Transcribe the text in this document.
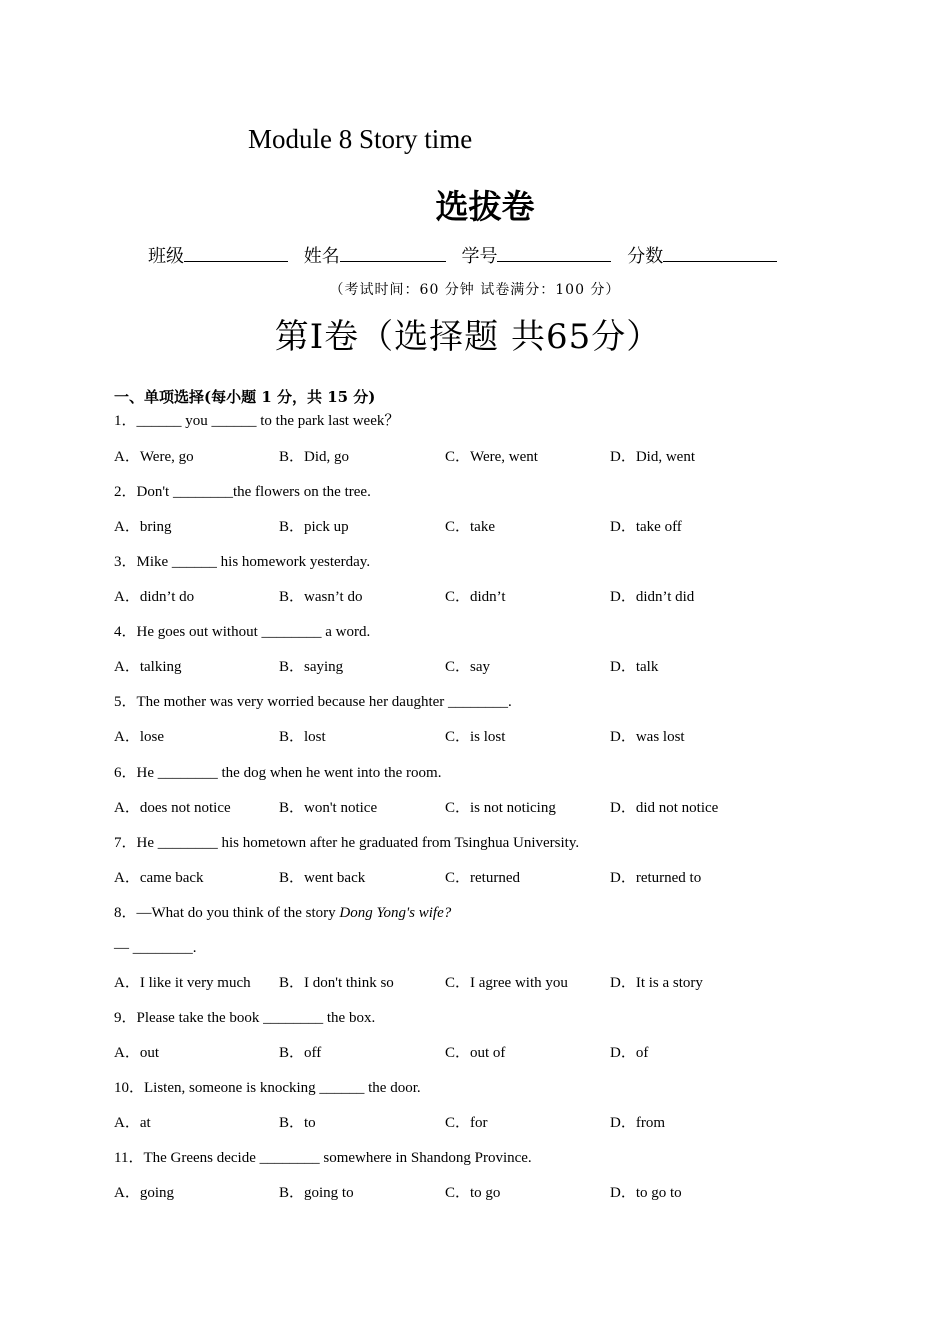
Module 8 Story time
选拔卷
班级	姓名	学号	分数
（考试时间：60 分钟 试卷满分：100 分）
第Ⅰ卷（选择题 共65分）
一、单项选择(每小题 1 分，共 15 分)
1．______ you ______ to the park last week？
A．Were, go	B．Did, go	C．Were, went	D．Did, went
2．Don't ________the flowers on the tree.
A．bring	B．pick up	C．take	D．take off
3．Mike ______ his homework yesterday.
A．didn’t do	B．wasn’t do	C．didn’t	D．didn’t did
4．He goes out without ________ a word.
A．talking	B．saying	C．say	D．talk
5．The mother was very worried because her daughter ________.
A．lose	B．lost	C．is lost	D．was lost
6．He ________ the dog when he went into the room.
A．does not notice	B．won't notice	C．is not noticing	D．did not notice
7．He ________ his hometown after he graduated from Tsinghua University.
A．came back	B．went back	C．returned	D．returned to
8．—What do you think of the story Dong Yong's wife?
— ________.
A．I like it very much B．I don't think so	C．I agree with you	D．It is a story
9．Please take the book ________ the box.
A．out	B．off	C．out of	D．of
10．Listen, someone is knocking ______ the door.
A．at	B．to	C．for	D．from
11．The Greens decide ________ somewhere in Shandong Province.
A．going	B．going to	C．to go	D．to go to
